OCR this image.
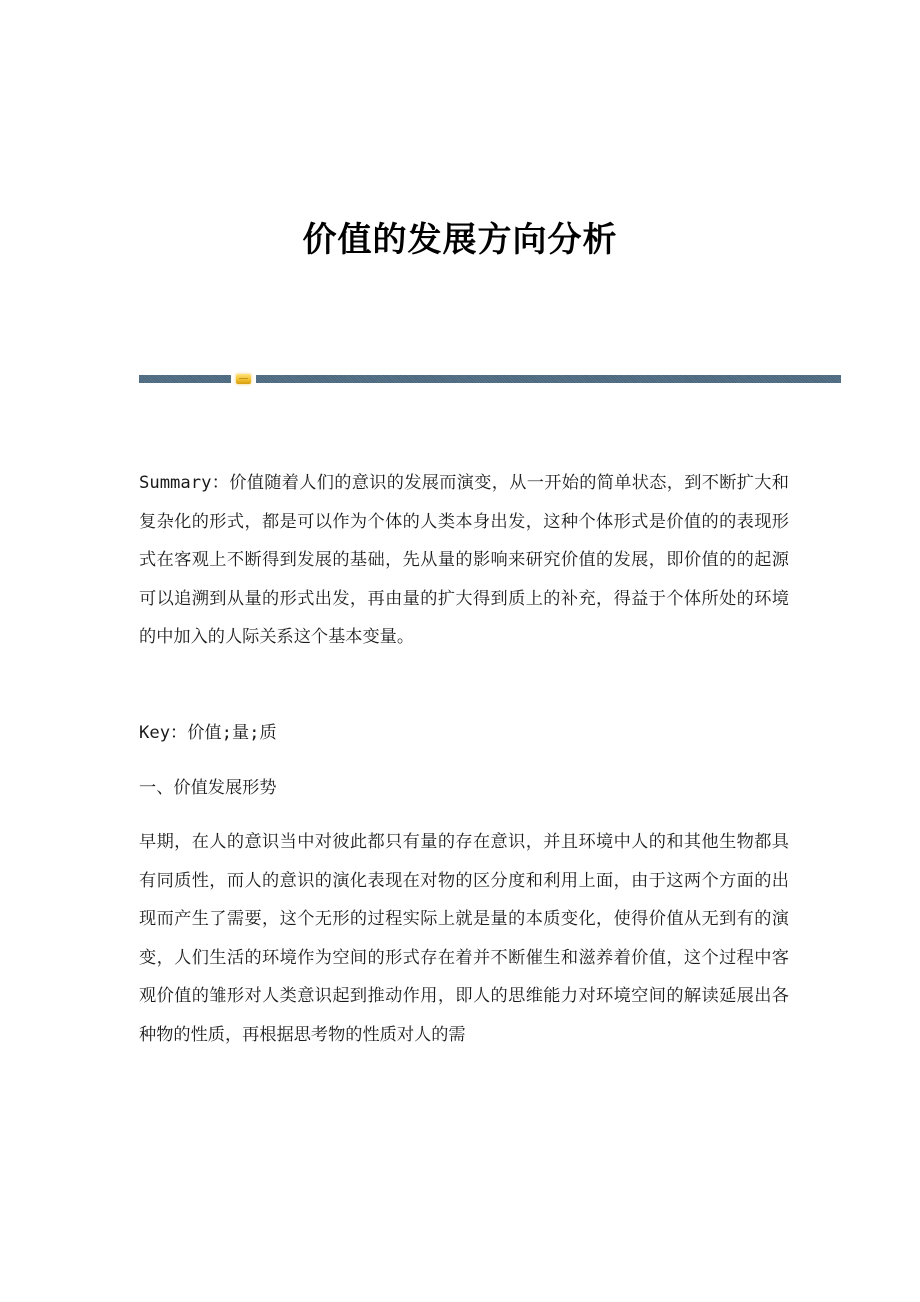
价值的发展方向分析

Summary：价值随着人们的意识的发展而演变，从一开始的简单状态，到不断扩大和复杂化的形式，都是可以作为个体的人类本身出发，这种个体形式是价值的的表现形式在客观上不断得到发展的基础，先从量的影响来研究价值的发展，即价值的的起源可以追溯到从量的形式出发，再由量的扩大得到质上的补充，得益于个体所处的环境的中加入的人际关系这个基本变量。

Key：价值;量;质

一、价值发展形势

早期，在人的意识当中对彼此都只有量的存在意识，并且环境中人的和其他生物都具有同质性，而人的意识的演化表现在对物的区分度和利用上面，由于这两个方面的出现而产生了需要，这个无形的过程实际上就是量的本质变化，使得价值从无到有的演变，人们生活的环境作为空间的形式存在着并不断催生和滋养着价值，这个过程中客观价值的雏形对人类意识起到推动作用，即人的思维能力对环境空间的解读延展出各种物的性质，再根据思考物的性质对人的需
